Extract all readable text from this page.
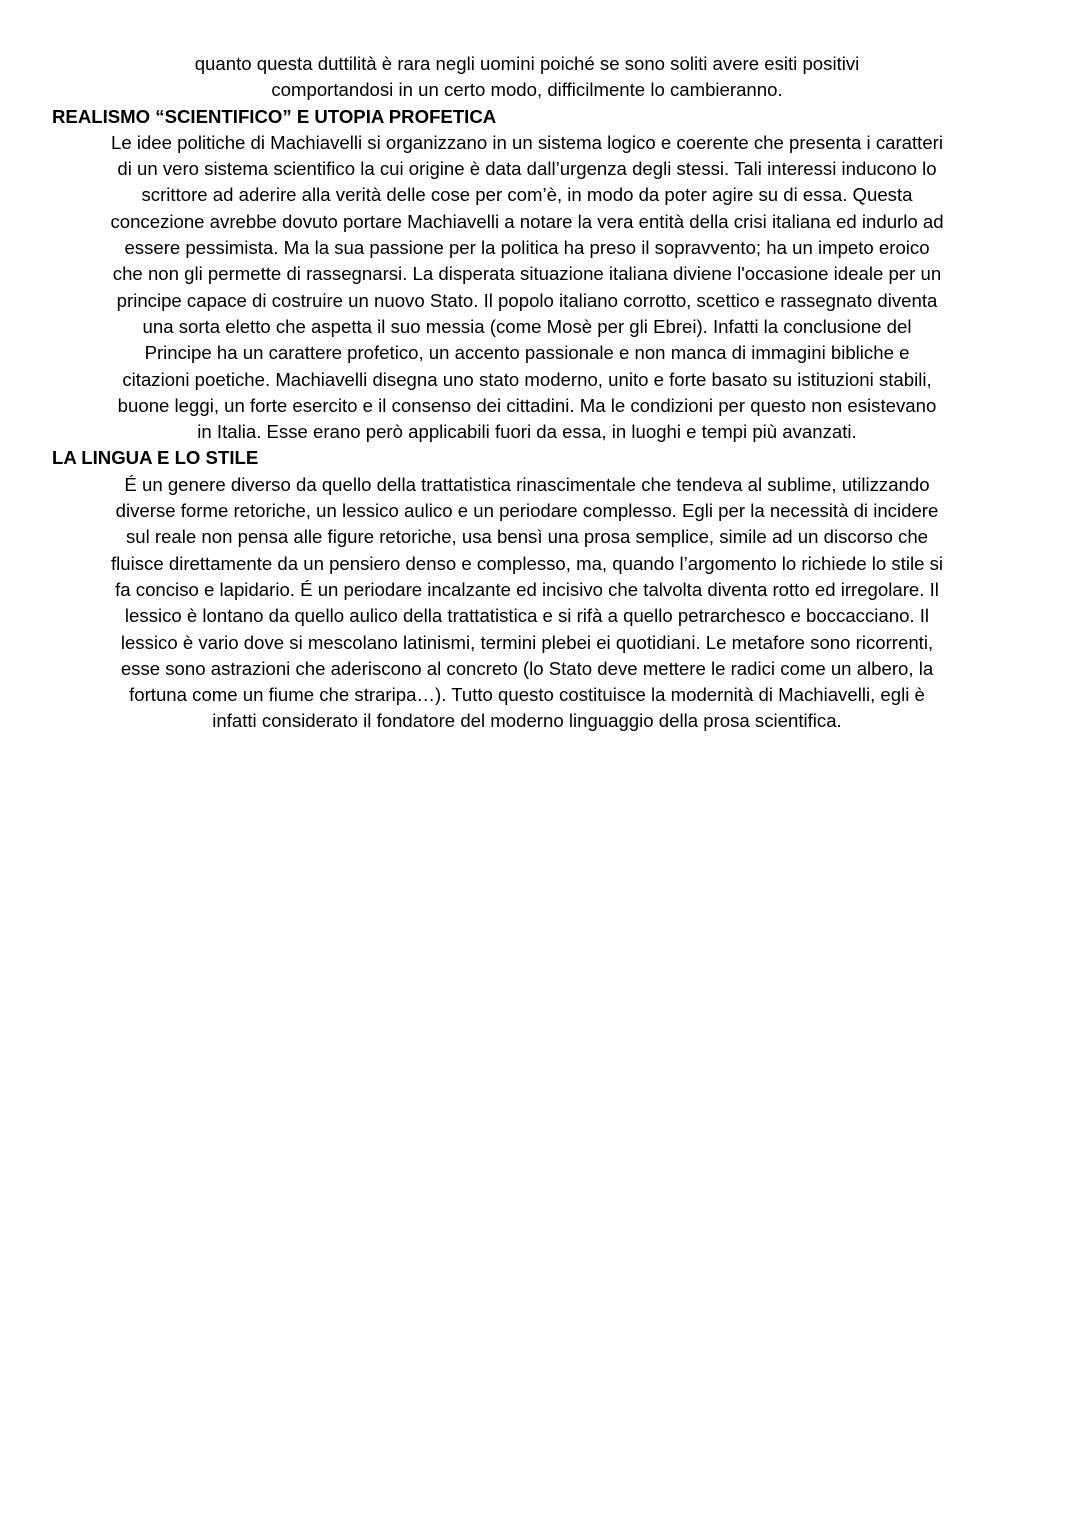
quanto questa duttilità è rara negli uomini poiché se sono soliti avere esiti positivi
comportandosi in un certo modo, difficilmente lo cambieranno.
REALISMO “SCIENTIFICO” E UTOPIA PROFETICA
Le idee politiche di Machiavelli si organizzano in un sistema logico e coerente che presenta i caratteri
di un vero sistema scientifico la cui origine è data dall’urgenza degli stessi. Tali interessi inducono lo
scrittore ad aderire alla verità delle cose per com’è, in modo da poter agire su di essa. Questa
concezione avrebbe dovuto portare Machiavelli a notare la vera entità della crisi italiana ed indurlo ad
essere pessimista. Ma la sua passione per la politica ha preso il sopravvento; ha un impeto eroico
che non gli permette di rassegnarsi. La disperata situazione italiana diviene l'occasione ideale per un
principe capace di costruire un nuovo Stato. Il popolo italiano corrotto, scettico e rassegnato diventa
una sorta eletto che aspetta il suo messia (come Mosè per gli Ebrei). Infatti la conclusione del
Principe ha un carattere profetico, un accento passionale e non manca di immagini bibliche e
citazioni poetiche. Machiavelli disegna uno stato moderno, unito e forte basato su istituzioni stabili,
buone leggi, un forte esercito e il consenso dei cittadini. Ma le condizioni per questo non esistevano
in Italia. Esse erano però applicabili fuori da essa, in luoghi e tempi più avanzati.
LA LINGUA E LO STILE
É un genere diverso da quello della trattatistica rinascimentale che tendeva al sublime, utilizzando
diverse forme retoriche, un lessico aulico e un periodare complesso. Egli per la necessità di incidere
sul reale non pensa alle figure retoriche, usa bensì una prosa semplice, simile ad un discorso che
fluisce direttamente da un pensiero denso e complesso, ma, quando l’argomento lo richiede lo stile si
fa conciso e lapidario. É un periodare incalzante ed incisivo che talvolta diventa rotto ed irregolare. Il
lessico è lontano da quello aulico della trattatistica e si rifà a quello petrarchesco e boccacciano. Il
lessico è vario dove si mescolano latinismi, termini plebei ei quotidiani. Le metafore sono ricorrenti,
esse sono astrazioni che aderiscono al concreto (lo Stato deve mettere le radici come un albero, la
fortuna come un fiume che straripa…). Tutto questo costituisce la modernità di Machiavelli, egli è
infatti considerato il fondatore del moderno linguaggio della prosa scientifica.
